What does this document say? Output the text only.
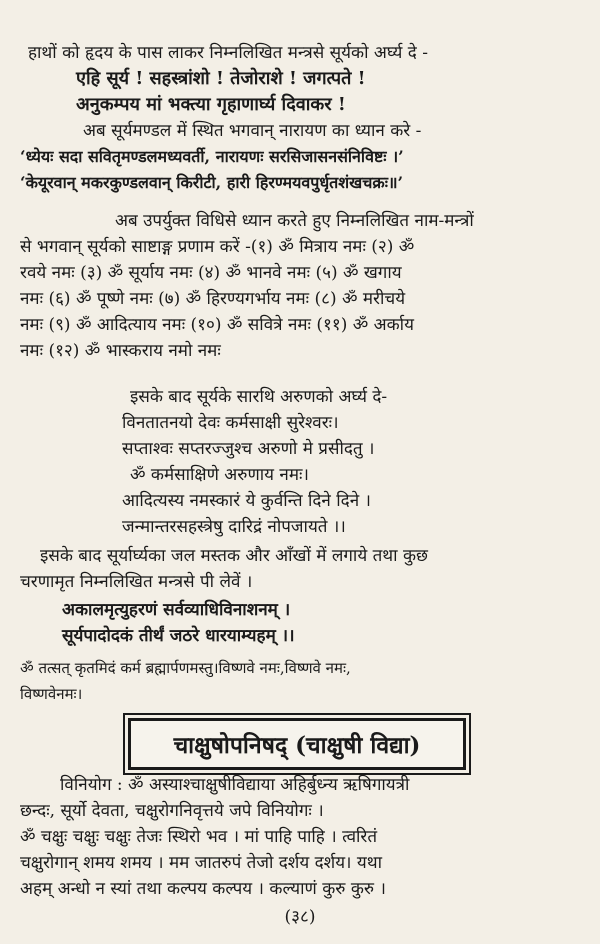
हाथों को हृदय के पास लाकर निम्नलिखित मन्त्रसे सूर्यको अर्घ्य दे -
एहि सूर्य ! सहस्त्रांशो ! तेजोराशे ! जगत्पते !
अनुकम्पय मां भक्त्या गृहाणार्घ्य दिवाकर !
अब सूर्यमण्डल में स्थित भगवान् नारायण का ध्यान करे -
‘ध्येयः सदा सवितृमण्डलमध्यवर्ती, नारायणः सरसिजासनसंनिविष्टः ।’
‘केयूरवान् मकरकुण्डलवान् किरीटी, हारी हिरण्मयवपुर्धृतशंखचक्रः॥’
अब उपर्युक्त विधिसे ध्यान करते हुए निम्नलिखित नाम-मन्त्रों
से भगवान् सूर्यको साष्टाङ्ग प्रणाम करें -(१) ॐ मित्राय नमः (२) ॐ
रवये नमः (३) ॐ सूर्याय नमः (४) ॐ भानवे नमः (५) ॐ खगाय
नमः (६) ॐ पूष्णे नमः (७) ॐ हिरण्यगर्भाय नमः (८) ॐ मरीचये
नमः (९) ॐ आदित्याय नमः (१०) ॐ सवित्रे नमः (११) ॐ अर्काय
नमः (१२) ॐ भास्कराय नमो नमः
इसके बाद सूर्यके सारथि अरुणको अर्घ्य दे-
विनतातनयो देवः कर्मसाक्षी सुरेश्वरः।
सप्ताश्वः सप्तरज्जुश्च अरुणो मे प्रसीदतु ।
ॐ कर्मसाक्षिणे अरुणाय नमः।
आदित्यस्य नमस्कारं ये कुर्वन्ति दिने दिने ।
जन्मान्तरसहस्त्रेषु दारिद्रं नोपजायते ।।
इसके बाद सूर्यार्घ्यका जल मस्तक और आँखों में लगाये तथा कुछ
चरणामृत निम्नलिखित मन्त्रसे पी लेवें ।
अकालमृत्युहरणं सर्वव्याधिविनाशनम् ।
सूर्यपादोदकं तीर्थं जठरे धारयाम्यहम् ।।
ॐ तत्सत् कृतमिदं कर्म ब्रह्मार्पणमस्तु।विष्णवे नमः,विष्णवे नमः,
विष्णवेनमः।
चाक्षुषोपनिषद् (चाक्षुषी विद्या)
विनियोग : ॐ अस्याश्चाक्षुषीविद्याया अहिर्बुध्न्य ऋषिगायत्री
छन्दः, सूर्यो देवता, चक्षुरोगनिवृत्तये जपे विनियोगः ।
ॐ चक्षुः चक्षुः चक्षुः तेजः स्थिरो भव । मां पाहि पाहि । त्वरितं
चक्षुरोगान् शमय शमय । मम जातरुपं तेजो दर्शय दर्शय। यथा
अहम् अन्धो न स्यां तथा कल्पय कल्पय । कल्याणं कुरु कुरु ।
(३८)
